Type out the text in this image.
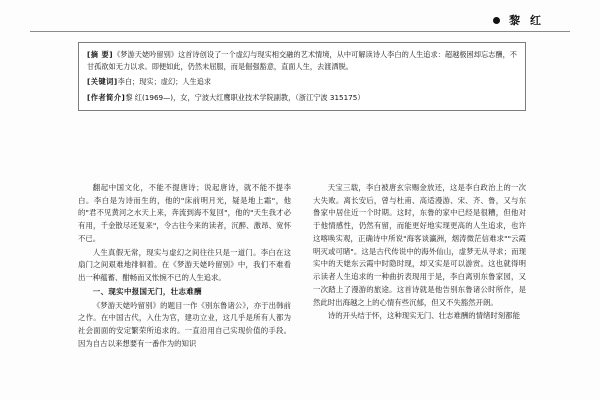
黎 红
[摘 要]《梦游天姥吟留别》这首诗创设了一个虚幻与现实相交融的艺术情境，从中可解读诗人李白的人生追求：超越极困却忘志酬，不甘孤欲如无力以求。即便如此，仍然未屈服，而是倔强豁意，直面人生，去渡洒脱。
[关键词]李白；现实；虚幻；人生追求
[作者简介]黎 红(1969—)，女，宁波大红鹰职业技术学院副教，（浙江宁波 315175）

翻起中国文化，不能不提唐诗；说起唐诗，就不能不提李白。李白是为诗而生的，他的"床前明月光，疑是地上霜"，他的"君不见黄河之水天上来，奔流到海不复回"，他的"天生我才必有用，千金散尽还复来"，令古往今来的读者，沉醉、激昂、宽怀不已。

人生真假无常，现实与虚幻之间往往只是一道门。李白在这扇门之间艰难地徘徊着。在《梦游天姥吟留别》中，我们不难看出一种蕴蓄、酣畅而又怅惋不已的人生追求。

一、现实中报国无门，壮志难酬

《梦游天姥吟留别》的题目一作《别东鲁诸公》，亦于出韩前之作。在中国古代，入仕为官，建功立业，这几乎是所有人都为社会面面的安定繁荣所追求的。一直沿用自己实现价值的手段。因为自古以来想要有一番作为的知识

天宝三载，李白被唐玄宗赐金放还，这是李白政治上的一次大失败。离长安后，曾与杜甫、高适漫游、宋、齐、鲁，又与东鲁家中居住近一个时期。这时，东鲁的家中已经是很糟，但他对于他情感性，仍然有留，而能更好地实现更高的人生追求，也许这喀唤实观，正确诗中所说"海客谈瀛洲，烟涛微茫信难求""云霞明灭或可睹"。这是古代传说中的海外仙山，虚梦无从寻求；而现实中的天姥东云霞中时隐时现，却又实是可以游赏。这也就得明示读者人生追求的一种曲折表现用于是，李白离别东鲁家园，又一次踏上了漫游的旅途。这首诗就是他告别东鲁诸公时所作，是然此时出海越之上的心情有些沉郁，但又不失豁然开朗。

诗的开头结于怀，这种现实无门、壮志难酬的情绪时刻都能
